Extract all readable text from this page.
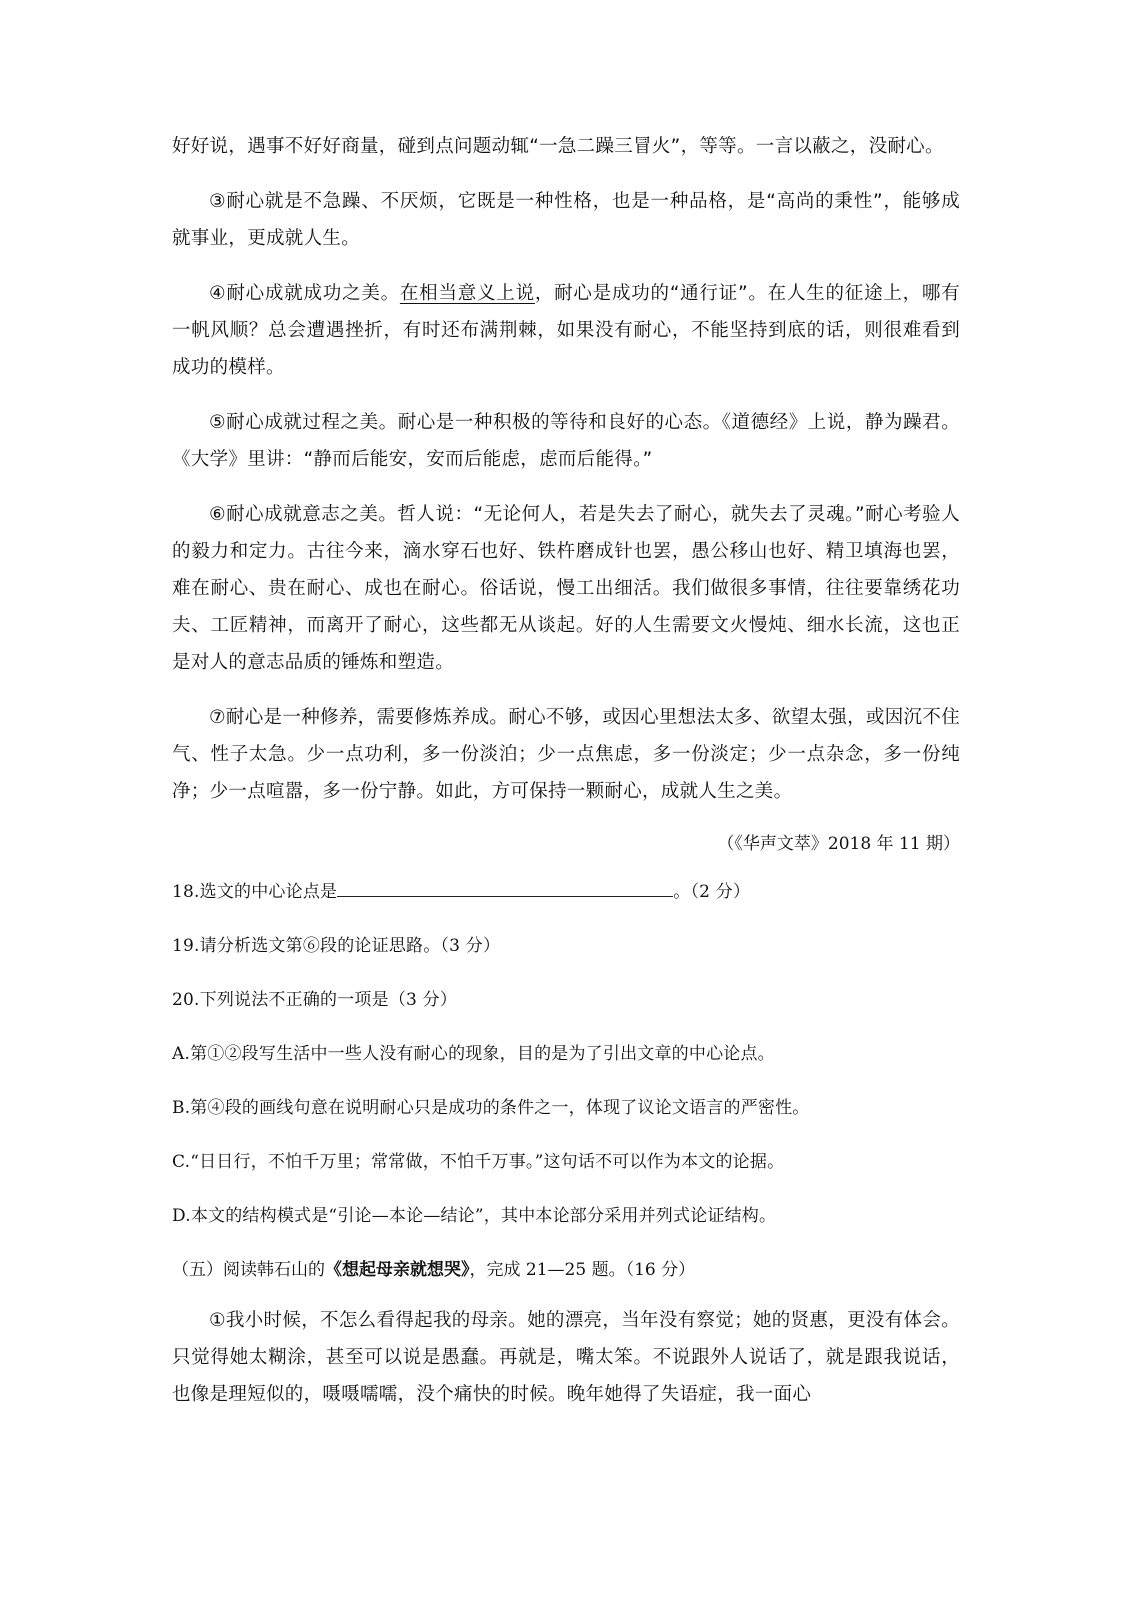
好好说，遇事不好好商量，碰到点问题动辄“一急二躁三冒火”，等等。一言以蔽之，没耐心。

③耐心就是不急躁、不厌烦，它既是一种性格，也是一种品格，是“高尚的秉性”，能够成就事业，更成就人生。

④耐心成就成功之美。在相当意义上说，耐心是成功的“通行证”。在人生的征途上，哪有一帆风顺？总会遭遇挫折，有时还布满荆棘，如果没有耐心，不能坚持到底的话，则很难看到成功的模样。

⑤耐心成就过程之美。耐心是一种积极的等待和良好的心态。《道德经》上说，静为躁君。《大学》里讲：“静而后能安，安而后能虑，虑而后能得。”

⑥耐心成就意志之美。哲人说：“无论何人，若是失去了耐心，就失去了灵魂。”耐心考验人的毅力和定力。古往今来，滴水穿石也好、铁杵磨成针也罢，愚公移山也好、精卫填海也罢，难在耐心、贵在耐心、成也在耐心。俗话说，慢工出细活。我们做很多事情，往往要靠绣花功夫、工匠精神，而离开了耐心，这些都无从谈起。好的人生需要文火慢炖、细水长流，这也正是对人的意志品质的锤炼和塑造。

⑦耐心是一种修养，需要修炼养成。耐心不够，或因心里想法太多、欲望太强，或因沉不住气、性子太急。少一点功利，多一份淡泊；少一点焦虑，多一份淡定；少一点杂念，多一份纯净；少一点喧嚣，多一份宁静。如此，方可保持一颗耐心，成就人生之美。

（《华声文萃》2018 年 11 期）

18.选文的中心论点是	。（2 分）

19.请分析选文第⑥段的论证思路。（3 分）

20.下列说法不正确的一项是（3 分）

A.第①②段写生活中一些人没有耐心的现象，目的是为了引出文章的中心论点。

B.第④段的画线句意在说明耐心只是成功的条件之一，体现了议论文语言的严密性。

C.“日日行，不怕千万里；常常做，不怕千万事。”这句话不可以作为本文的论据。

D.本文的结构模式是“引论—本论—结论”，其中本论部分采用并列式论证结构。

（五）阅读韩石山的《想起母亲就想哭》，完成 21—25 题。（16 分）

①我小时候，不怎么看得起我的母亲。她的漂亮，当年没有察觉；她的贤惠，更没有体会。只觉得她太糊涂，甚至可以说是愚蠢。再就是，嘴太笨。不说跟外人说话了，就是跟我说话，也像是理短似的，嗫嗫嚅嚅，没个痛快的时候。晚年她得了失语症，我一面心
